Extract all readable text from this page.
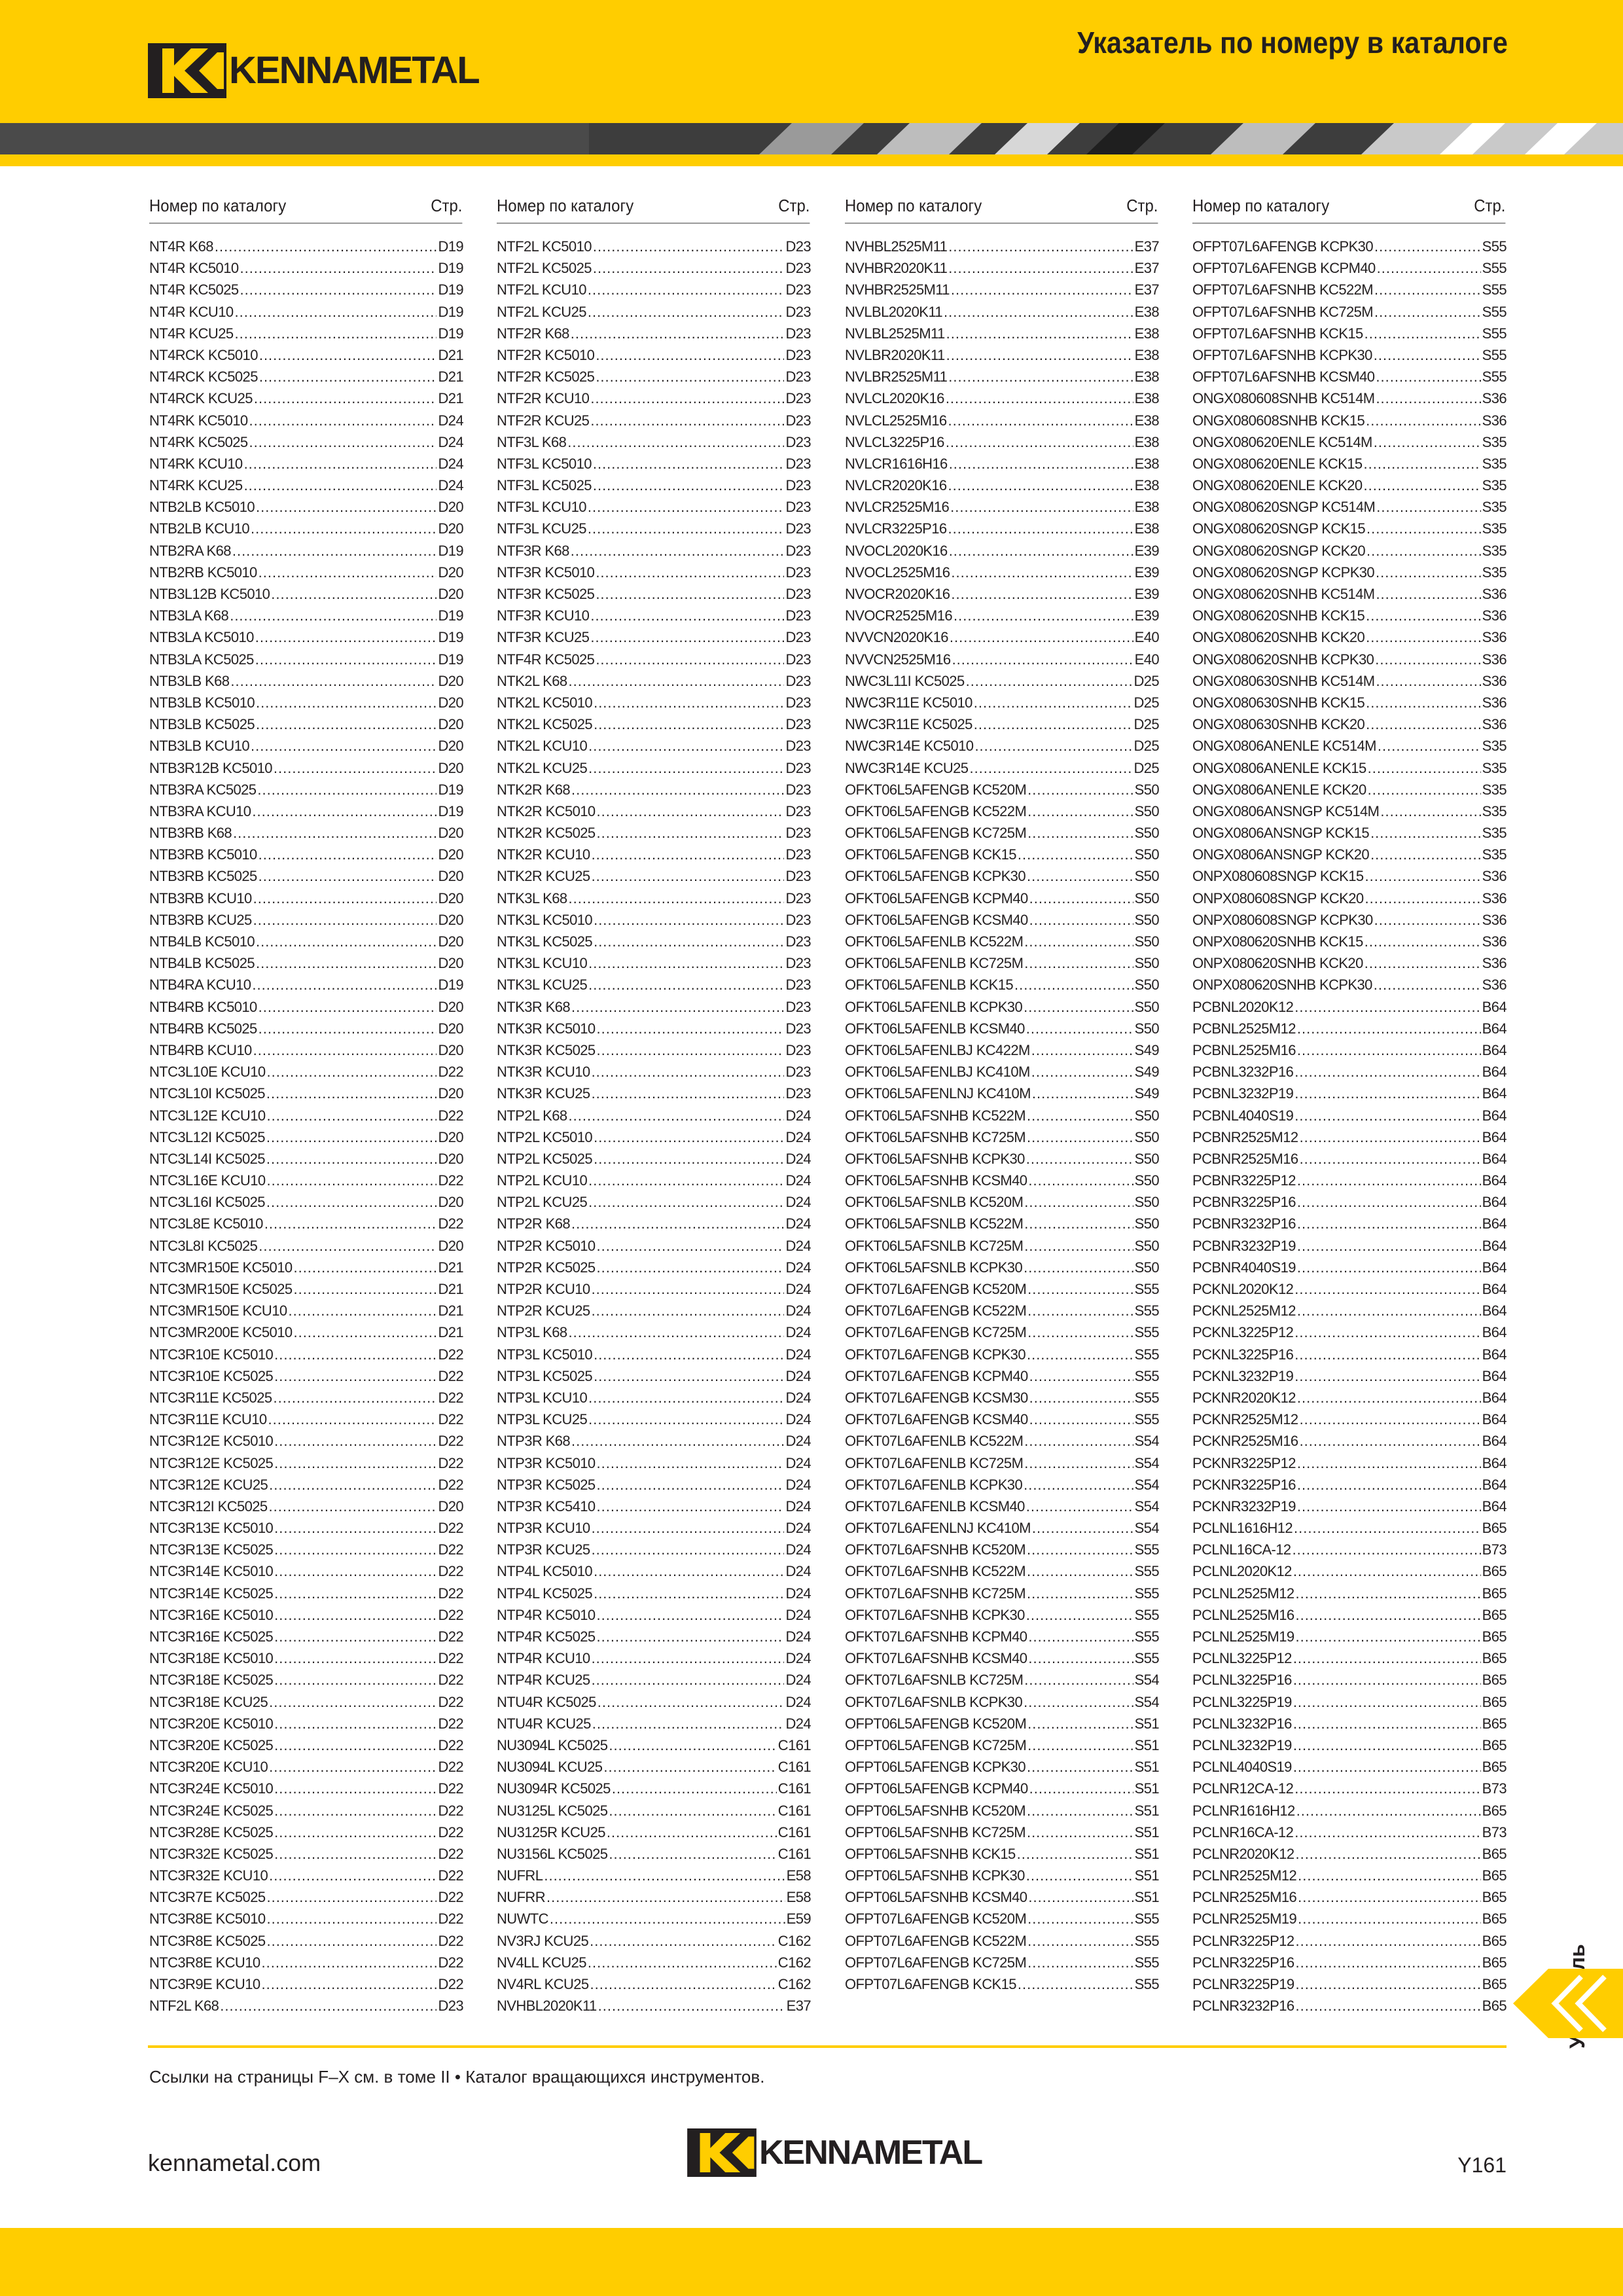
KENNAMETAL
Указатель по номеру в каталоге
Номер по каталогу	Стр.
NT4R K68 .....	D19
NT4R KC5010 .....	D19
NT4R KC5025 .....	D19
NT4R KCU10 .....	D19
NT4R KCU25 .....	D19
NT4RCK KC5010 .....	D21
NT4RCK KC5025 .....	D21
NT4RCK KCU25 .....	D21
NT4RK KC5010 .....	D24
NT4RK KC5025 .....	D24
NT4RK KCU10 .....	D24
NT4RK KCU25 .....	D24
NTB2LB KC5010 .....	D20
NTB2LB KCU10 .....	D20
NTB2RA K68 .....	D19
NTB2RB KC5010 .....	D20
NTB3L12B KC5010 .....	D20
NTB3LA K68 .....	D19
NTB3LA KC5010 .....	D19
NTB3LA KC5025 .....	D19
NTB3LB K68 .....	D20
NTB3LB KC5010 .....	D20
NTB3LB KC5025 .....	D20
NTB3LB KCU10 .....	D20
NTB3R12B KC5010 .....	D20
NTB3RA KC5025 .....	D19
NTB3RA KCU10 .....	D19
NTB3RB K68 .....	D20
NTB3RB KC5010 .....	D20
NTB3RB KC5025 .....	D20
NTB3RB KCU10 .....	D20
NTB3RB KCU25 .....	D20
NTB4LB KC5010 .....	D20
NTB4LB KC5025 .....	D20
NTB4RA KCU10 .....	D19
NTB4RB KC5010 .....	D20
NTB4RB KC5025 .....	D20
NTB4RB KCU10 .....	D20
NTC3L10E KCU10 .....	D22
NTC3L10I KC5025 .....	D20
NTC3L12E KCU10 .....	D22
NTC3L12I KC5025 .....	D20
NTC3L14I KC5025 .....	D20
NTC3L16E KCU10 .....	D22
NTC3L16I KC5025 .....	D20
NTC3L8E KC5010 .....	D22
NTC3L8I KC5025 .....	D20
NTC3MR150E KC5010 .....	D21
NTC3MR150E KC5025 .....	D21
NTC3MR150E KCU10 .....	D21
NTC3MR200E KC5010 .....	D21
NTC3R10E KC5010 .....	D22
NTC3R10E KC5025 .....	D22
NTC3R11E KC5025 .....	D22
NTC3R11E KCU10 .....	D22
NTC3R12E KC5010 .....	D22
NTC3R12E KC5025 .....	D22
NTC3R12E KCU25 .....	D22
NTC3R12I KC5025 .....	D20
NTC3R13E KC5010 .....	D22
NTC3R13E KC5025 .....	D22
NTC3R14E KC5010 .....	D22
NTC3R14E KC5025 .....	D22
NTC3R16E KC5010 .....	D22
NTC3R16E KC5025 .....	D22
NTC3R18E KC5010 .....	D22
NTC3R18E KC5025 .....	D22
NTC3R18E KCU25 .....	D22
NTC3R20E KC5010 .....	D22
NTC3R20E KC5025 .....	D22
NTC3R20E KCU10 .....	D22
NTC3R24E KC5010 .....	D22
NTC3R24E KC5025 .....	D22
NTC3R28E KC5025 .....	D22
NTC3R32E KC5025 .....	D22
NTC3R32E KCU10 .....	D22
NTC3R7E KC5025 .....	D22
NTC3R8E KC5010 .....	D22
NTC3R8E KC5025 .....	D22
NTC3R8E KCU10 .....	D22
NTC3R9E KCU10 .....	D22
NTF2L K68 .....	D23
Номер по каталогу	Стр.
NTF2L KC5010 .....	D23
NTF2L KC5025 .....	D23
NTF2L KCU10 .....	D23
NTF2L KCU25 .....	D23
NTF2R K68 .....	D23
NTF2R KC5010 .....	D23
NTF2R KC5025 .....	D23
NTF2R KCU10 .....	D23
NTF2R KCU25 .....	D23
NTF3L K68 .....	D23
NTF3L KC5010 .....	D23
NTF3L KC5025 .....	D23
NTF3L KCU10 .....	D23
NTF3L KCU25 .....	D23
NTF3R K68 .....	D23
NTF3R KC5010 .....	D23
NTF3R KC5025 .....	D23
NTF3R KCU10 .....	D23
NTF3R KCU25 .....	D23
NTF4R KC5025 .....	D23
NTK2L K68 .....	D23
NTK2L KC5010 .....	D23
NTK2L KC5025 .....	D23
NTK2L KCU10 .....	D23
NTK2L KCU25 .....	D23
NTK2R K68 .....	D23
NTK2R KC5010 .....	D23
NTK2R KC5025 .....	D23
NTK2R KCU10 .....	D23
NTK2R KCU25 .....	D23
NTK3L K68 .....	D23
NTK3L KC5010 .....	D23
NTK3L KC5025 .....	D23
NTK3L KCU10 .....	D23
NTK3L KCU25 .....	D23
NTK3R K68 .....	D23
NTK3R KC5010 .....	D23
NTK3R KC5025 .....	D23
NTK3R KCU10 .....	D23
NTK3R KCU25 .....	D23
NTP2L K68 .....	D24
NTP2L KC5010 .....	D24
NTP2L KC5025 .....	D24
NTP2L KCU10 .....	D24
NTP2L KCU25 .....	D24
NTP2R K68 .....	D24
NTP2R KC5010 .....	D24
NTP2R KC5025 .....	D24
NTP2R KCU10 .....	D24
NTP2R KCU25 .....	D24
NTP3L K68 .....	D24
NTP3L KC5010 .....	D24
NTP3L KC5025 .....	D24
NTP3L KCU10 .....	D24
NTP3L KCU25 .....	D24
NTP3R K68 .....	D24
NTP3R KC5010 .....	D24
NTP3R KC5025 .....	D24
NTP3R KC5410 .....	D24
NTP3R KCU10 .....	D24
NTP3R KCU25 .....	D24
NTP4L KC5010 .....	D24
NTP4L KC5025 .....	D24
NTP4R KC5010 .....	D24
NTP4R KC5025 .....	D24
NTP4R KCU10 .....	D24
NTP4R KCU25 .....	D24
NTU4R KC5025 .....	D24
NTU4R KCU25 .....	D24
NU3094L KC5025 .....	C161
NU3094L KCU25 .....	C161
NU3094R KC5025 .....	C161
NU3125L KC5025 .....	C161
NU3125R KCU25 .....	C161
NU3156L KC5025 .....	C161
NUFRL .....	E58
NUFRR .....	E58
NUWTC .....	E59
NV3RJ KCU25 .....	C162
NV4LL KCU25 .....	C162
NV4RL KCU25 .....	C162
NVHBL2020K11 .....	E37
Номер по каталогу	Стр.
NVHBL2525M11 .....	E37
NVHBR2020K11 .....	E37
NVHBR2525M11 .....	E37
NVLBL2020K11 .....	E38
NVLBL2525M11 .....	E38
NVLBR2020K11 .....	E38
NVLBR2525M11 .....	E38
NVLCL2020K16 .....	E38
NVLCL2525M16 .....	E38
NVLCL3225P16 .....	E38
NVLCR1616H16 .....	E38
NVLCR2020K16 .....	E38
NVLCR2525M16 .....	E38
NVLCR3225P16 .....	E38
NVOCL2020K16 .....	E39
NVOCL2525M16 .....	E39
NVOCR2020K16 .....	E39
NVOCR2525M16 .....	E39
NVVCN2020K16 .....	E40
NVVCN2525M16 .....	E40
NWC3L11I KC5025 .....	D25
NWC3R11E KC5010 .....	D25
NWC3R11E KC5025 .....	D25
NWC3R14E KC5010 .....	D25
NWC3R14E KCU25 .....	D25
OFKT06L5AFENGB KC520M .....	S50
OFKT06L5AFENGB KC522M .....	S50
OFKT06L5AFENGB KC725M .....	S50
OFKT06L5AFENGB KCK15 .....	S50
OFKT06L5AFENGB KCPK30 .....	S50
OFKT06L5AFENGB KCPM40 .....	S50
OFKT06L5AFENGB KCSM40 .....	S50
OFKT06L5AFENLB KC522M .....	S50
OFKT06L5AFENLB KC725M .....	S50
OFKT06L5AFENLB KCK15 .....	S50
OFKT06L5AFENLB KCPK30 .....	S50
OFKT06L5AFENLB KCSM40 .....	S50
OFKT06L5AFENLBJ KC422M .....	S49
OFKT06L5AFENLBJ KC410M .....	S49
OFKT06L5AFENLNJ KC410M .....	S49
OFKT06L5AFSNHB KC522M .....	S50
OFKT06L5AFSNHB KC725M .....	S50
OFKT06L5AFSNHB KCPK30 .....	S50
OFKT06L5AFSNHB KCSM40 .....	S50
OFKT06L5AFSNLB KC520M .....	S50
OFKT06L5AFSNLB KC522M .....	S50
OFKT06L5AFSNLB KC725M .....	S50
OFKT06L5AFSNLB KCPK30 .....	S50
OFKT07L6AFENGB KC520M .....	S55
OFKT07L6AFENGB KC522M .....	S55
OFKT07L6AFENGB KC725M .....	S55
OFKT07L6AFENGB KCPK30 .....	S55
OFKT07L6AFENGB KCPM40 .....	S55
OFKT07L6AFENGB KCSM30 .....	S55
OFKT07L6AFENGB KCSM40 .....	S55
OFKT07L6AFENLB KC522M .....	S54
OFKT07L6AFENLB KC725M .....	S54
OFKT07L6AFENLB KCPK30 .....	S54
OFKT07L6AFENLB KCSM40 .....	S54
OFKT07L6AFENLNJ KC410M .....	S54
OFKT07L6AFSNHB KC520M .....	S55
OFKT07L6AFSNHB KC522M .....	S55
OFKT07L6AFSNHB KC725M .....	S55
OFKT07L6AFSNHB KCPK30 .....	S55
OFKT07L6AFSNHB KCPM40 .....	S55
OFKT07L6AFSNHB KCSM40 .....	S55
OFKT07L6AFSNLB KC725M .....	S54
OFKT07L6AFSNLB KCPK30 .....	S54
OFPT06L5AFENGB KC520M .....	S51
OFPT06L5AFENGB KC725M .....	S51
OFPT06L5AFENGB KCPK30 .....	S51
OFPT06L5AFENGB KCPM40 .....	S51
OFPT06L5AFSNHB KC520M .....	S51
OFPT06L5AFSNHB KC725M .....	S51
OFPT06L5AFSNHB KCK15 .....	S51
OFPT06L5AFSNHB KCPK30 .....	S51
OFPT06L5AFSNHB KCSM40 .....	S51
OFPT07L6AFENGB KC520M .....	S55
OFPT07L6AFENGB KC522M .....	S55
OFPT07L6AFENGB KC725M .....	S55
OFPT07L6AFENGB KCK15 .....	S55
Номер по каталогу	Стр.
OFPT07L6AFENGB KCPK30 .....	S55
OFPT07L6AFENGB KCPM40 .....	S55
OFPT07L6AFSNHB KC522M .....	S55
OFPT07L6AFSNHB KC725M .....	S55
OFPT07L6AFSNHB KCK15 .....	S55
OFPT07L6AFSNHB KCPK30 .....	S55
OFPT07L6AFSNHB KCSM40 .....	S55
ONGX080608SNHB KC514M .....	S36
ONGX080608SNHB KCK15 .....	S36
ONGX080620ENLE KC514M .....	S35
ONGX080620ENLE KCK15 .....	S35
ONGX080620ENLE KCK20 .....	S35
ONGX080620SNGP KC514M .....	S35
ONGX080620SNGP KCK15 .....	S35
ONGX080620SNGP KCK20 .....	S35
ONGX080620SNGP KCPK30 .....	S35
ONGX080620SNHB KC514M .....	S36
ONGX080620SNHB KCK15 .....	S36
ONGX080620SNHB KCK20 .....	S36
ONGX080620SNHB KCPK30 .....	S36
ONGX080630SNHB KC514M .....	S36
ONGX080630SNHB KCK15 .....	S36
ONGX080630SNHB KCK20 .....	S36
ONGX0806ANENLE KC514M .....	S35
ONGX0806ANENLE KCK15 .....	S35
ONGX0806ANENLE KCK20 .....	S35
ONGX0806ANSNGP KC514M .....	S35
ONGX0806ANSNGP KCK15 .....	S35
ONGX0806ANSNGP KCK20 .....	S35
ONPX080608SNGP KCK15 .....	S36
ONPX080608SNGP KCK20 .....	S36
ONPX080608SNGP KCPK30 .....	S36
ONPX080620SNHB KCK15 .....	S36
ONPX080620SNHB KCK20 .....	S36
ONPX080620SNHB KCPK30 .....	S36
PCBNL2020K12 .....	B64
PCBNL2525M12 .....	B64
PCBNL2525M16 .....	B64
PCBNL3232P16 .....	B64
PCBNL3232P19 .....	B64
PCBNL4040S19 .....	B64
PCBNR2525M12 .....	B64
PCBNR2525M16 .....	B64
PCBNR3225P12 .....	B64
PCBNR3225P16 .....	B64
PCBNR3232P16 .....	B64
PCBNR3232P19 .....	B64
PCBNR4040S19 .....	B64
PCKNL2020K12 .....	B64
PCKNL2525M12 .....	B64
PCKNL3225P12 .....	B64
PCKNL3225P16 .....	B64
PCKNL3232P19 .....	B64
PCKNR2020K12 .....	B64
PCKNR2525M12 .....	B64
PCKNR2525M16 .....	B64
PCKNR3225P12 .....	B64
PCKNR3225P16 .....	B64
PCKNR3232P19 .....	B64
PCLNL1616H12 .....	B65
PCLNL16CA-12 .....	B73
PCLNL2020K12 .....	B65
PCLNL2525M12 .....	B65
PCLNL2525M16 .....	B65
PCLNL2525M19 .....	B65
PCLNL3225P12 .....	B65
PCLNL3225P16 .....	B65
PCLNL3225P19 .....	B65
PCLNL3232P16 .....	B65
PCLNL3232P19 .....	B65
PCLNL4040S19 .....	B65
PCLNR12CA-12 .....	B73
PCLNR1616H12 .....	B65
PCLNR16CA-12 .....	B73
PCLNR2020K12 .....	B65
PCLNR2525M12 .....	B65
PCLNR2525M16 .....	B65
PCLNR2525M19 .....	B65
PCLNR3225P12 .....	B65
PCLNR3225P16 .....	B65
PCLNR3225P19 .....	B65
PCLNR3232P16 .....	B65
Ссылки на страницы F–X см. в томе II • Каталог вращающихся инструментов.
kennametal.com	KENNAMETAL	Y161
